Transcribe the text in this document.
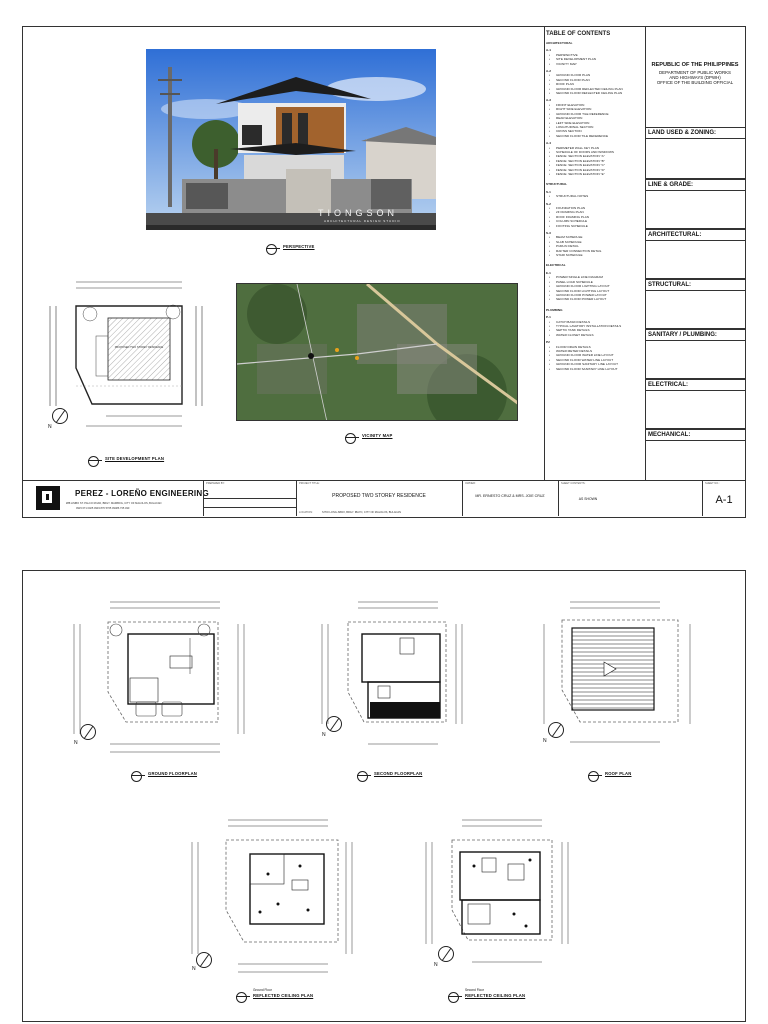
TIONGSON
ARCHITECTURAL DESIGN STUDIO
PERSPECTIVE
PROPOSED TWO STOREY RESIDENCE
N
SITE DEVELOPMENT PLAN
VICINITY MAP
TABLE OF CONTENTS
ARCHITECTURAL
A-1
• PERSPECTIVE
• SITE DEVELOPMENT PLAN
• VICINITY MAP
A-2
• GROUND FLOOR PLAN
• SECOND FLOOR PLAN
• ROOF PLAN
• GROUND FLOOR REFLECTED CEILING PLAN
• SECOND FLOOR REFLECTED CEILING PLAN
A-3
• FRONT ELEVATION
• RIGHT SIDE ELEVATION
• GROUND FLOOR TILE REFERENCE
• REAR ELEVATION
• LEFT SIDE ELEVATION
• LONGITUDINAL SECTION
• CROSS SECTION
• SECOND FLOOR TILE REFERENCE
A-4
• PERIMETER WALL KEY PLAN
• SCHEDULE OF DOORS AND WINDOWS
• FENCE: SECTION ELEVATION "A"
• FENCE: SECTION ELEVATION "B"
• FENCE: SECTION ELEVATION "C"
• FENCE: SECTION ELEVATION "D"
• FENCE: SECTION ELEVATION "E"
STRUCTURAL
S-1
• STRUCTURAL NOTES
S-2
• FOUNDATION PLAN
• 2F FRAMING PLAN
• ROOF FRAMING PLAN
• COLUMN SCHEDULE
• FOOTING SCHEDULE
S-3
• BEAM SCHEDULE
• SLAB SCHEDULE
• PURLIN DETAIL
• RAFTER CONNECTION DETAIL
• STAIR SCHEDULE
ELECTRICAL
E-1
• POWER SINGLE LINE DIAGRAM
• PANEL LOAD SCHEDULE
• GROUND FLOOR LIGHTING LAYOUT
• SECOND FLOOR LIGHTING LAYOUT
• GROUND FLOOR POWER LAYOUT
• SECOND FLOOR POWER LAYOUT
PLUMBING
P-1
• CATCH BASIN DETAILS
• TYPICAL LAVATORY INSTALLATION DETAILS
• SEPTIC TANK DETAILS
• WATER CLOSET DETAILS
P2
• FLOOR DRAIN DETAILS
• WATER METER DETAILS
• GROUND FLOOR WATER LINE LAYOUT
• SECOND FLOOR WATER LINE LAYOUT
• GROUND FLOOR SANITARY LINE LAYOUT
• SECOND FLOOR SANITARY LINE LAYOUT
REPUBLIC OF THE PHILIPPINES
DEPARTMENT OF PUBLIC WORKS
AND HIGHWAYS (DPWH)
OFFICE OF THE BUILDING OFFICIAL
LAND USED & ZONING:
LINE & GRADE:
ARCHITECTURAL:
STRUCTURAL:
SANITARY / PLUMBING:
ELECTRICAL:
MECHANICAL:
PEREZ - LOREÑO ENGINEERING
#88 LIMBO ST. PALCO ROAD, BRGY. MAMBOG, CITY OF MALOLOS, BULACAN
0915 671 0025 0933 876 5765 09486 735 490
PREPARED BY:	PROJECT TITLE:
PROPOSED TWO STOREY RESIDENCE
LOCATION:	SITIO LONG-SIBAY, BRGY. IBAYO, CITY OF MALOLOS, BULACAN
OWNER:
MR. ERNESTO CRUZ & MRS. JOIE CRUZ
SHEET CONTENTS:
AS SHOWN
SHEET NO.:
A-1
N
GROUND FLOORPLAN
N
SECOND FLOORPLAN
N
ROOF PLAN
N
Ground Floor
REFLECTED CEILING PLAN
N
Second Floor
REFLECTED CEILING PLAN
